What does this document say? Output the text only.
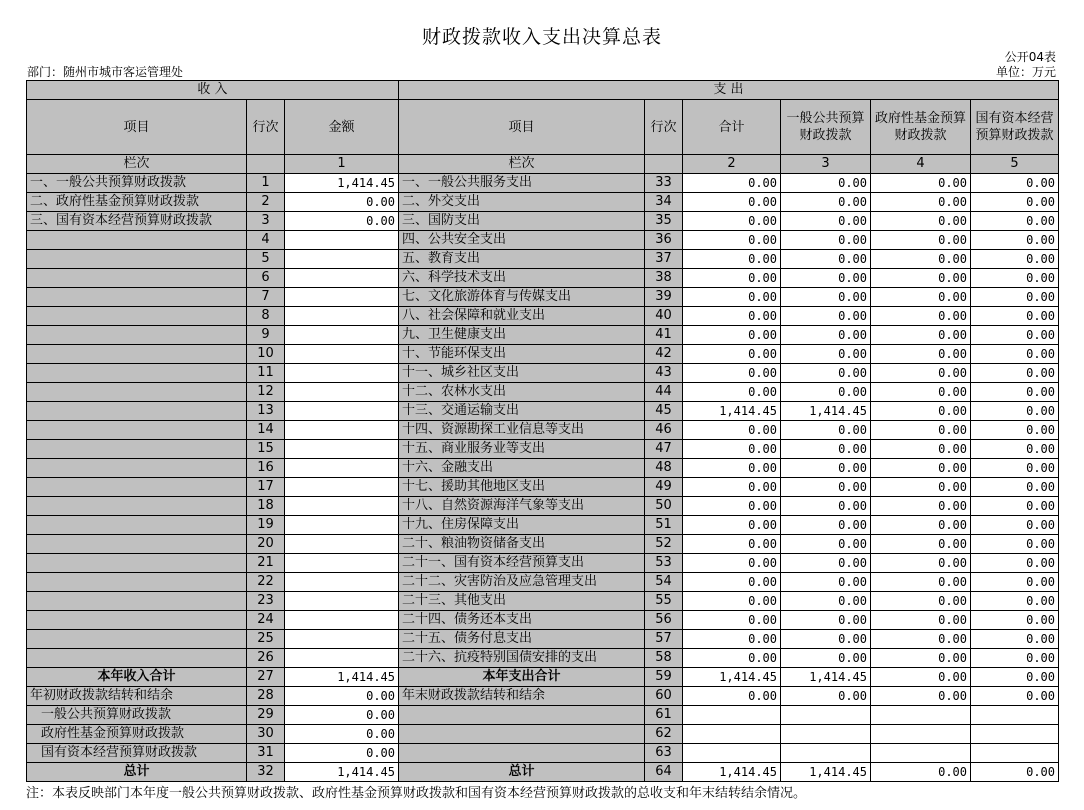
财政拨款收入支出决算总表
公开04表
部门：随州市城市客运管理处	单位：万元
收 入			支 出					
项目	行次	金额	项目	行次	合计	一般公共预算财政拨款	政府性基金预算财政拨款	国有资本经营预算财政拨款
栏次		1	栏次		2	3	4	5
一、一般公共预算财政拨款	1	1,414.45	一、一般公共服务支出	33	0.00	0.00	0.00	0.00
二、政府性基金预算财政拨款	2	0.00	二、外交支出	34	0.00	0.00	0.00	0.00
三、国有资本经营预算财政拨款	3	0.00	三、国防支出	35	0.00	0.00	0.00	0.00
	4		四、公共安全支出	36	0.00	0.00	0.00	0.00
	5		五、教育支出	37	0.00	0.00	0.00	0.00
	6		六、科学技术支出	38	0.00	0.00	0.00	0.00
	7		七、文化旅游体育与传媒支出	39	0.00	0.00	0.00	0.00
	8		八、社会保障和就业支出	40	0.00	0.00	0.00	0.00
	9		九、卫生健康支出	41	0.00	0.00	0.00	0.00
	10		十、节能环保支出	42	0.00	0.00	0.00	0.00
	11		十一、城乡社区支出	43	0.00	0.00	0.00	0.00
	12		十二、农林水支出	44	0.00	0.00	0.00	0.00
	13		十三、交通运输支出	45	1,414.45	1,414.45	0.00	0.00
	14		十四、资源勘探工业信息等支出	46	0.00	0.00	0.00	0.00
	15		十五、商业服务业等支出	47	0.00	0.00	0.00	0.00
	16		十六、金融支出	48	0.00	0.00	0.00	0.00
	17		十七、援助其他地区支出	49	0.00	0.00	0.00	0.00
	18		十八、自然资源海洋气象等支出	50	0.00	0.00	0.00	0.00
	19		十九、住房保障支出	51	0.00	0.00	0.00	0.00
	20		二十、粮油物资储备支出	52	0.00	0.00	0.00	0.00
	21		二十一、国有资本经营预算支出	53	0.00	0.00	0.00	0.00
	22		二十二、灾害防治及应急管理支出	54	0.00	0.00	0.00	0.00
	23		二十三、其他支出	55	0.00	0.00	0.00	0.00
	24		二十四、债务还本支出	56	0.00	0.00	0.00	0.00
	25		二十五、债务付息支出	57	0.00	0.00	0.00	0.00
	26		二十六、抗疫特别国债安排的支出	58	0.00	0.00	0.00	0.00
本年收入合计	27	1,414.45	本年支出合计	59	1,414.45	1,414.45	0.00	0.00
年初财政拨款结转和结余	28	0.00	年末财政拨款结转和结余	60	0.00	0.00	0.00	0.00
一般公共预算财政拨款	29	0.00		61				
政府性基金预算财政拨款	30	0.00		62				
国有资本经营预算财政拨款	31	0.00		63				
总计	32	1,414.45	总计	64	1,414.45	1,414.45	0.00	0.00
注：本表反映部门本年度一般公共预算财政拨款、政府性基金预算财政拨款和国有资本经营预算财政拨款的总收支和年末结转结余情况。
